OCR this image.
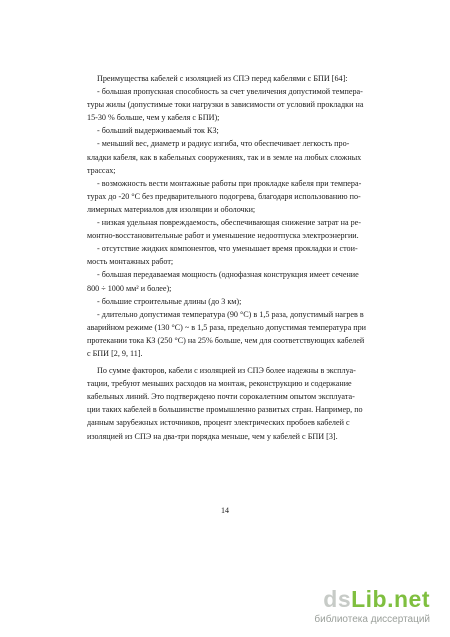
Преимущества кабелей с изоляцией из СПЭ перед кабелями с БПИ [64]:

- большая пропускная способность за счет увеличения допустимой темпера-

туры жилы (допустимые токи нагрузки в зависимости от условий прокладки на

15-30 % больше, чем у кабеля с БПИ);

- больший выдерживаемый ток КЗ;

- меньший вес, диаметр и радиус изгиба, что обеспечивает легкость про-

кладки кабеля, как в кабельных сооружениях, так и в земле на любых сложных

трассах;

- возможность вести монтажные работы при прокладке кабеля при темпера-

турах до -20 °С без предварительного подогрева, благодаря использованию по-

лимерных материалов для изоляции и оболочки;

- низкая удельная повреждаемость, обеспечивающая снижение затрат на ре-

монтно-восстановительные работ и уменьшение недоотпуска электроэнергии.

- отсутствие жидких компонентов, что уменьшает время прокладки и стои-

мость монтажных работ;

- большая передаваемая мощность (однофазная конструкция имеет сечение

800 ÷ 1000 мм² и более);

- большие строительные длины (до 3 км);

- длительно допустимая температура (90 °С) в 1,5 раза, допустимый нагрев в

аварийном режиме (130 °С) ~ в 1,5 раза, предельно допустимая температура при

протекании тока КЗ (250 °С) на 25% больше, чем для соответствующих кабелей

с БПИ [2, 9, 11].

По сумме факторов, кабели с изоляцией из СПЭ более надежны в эксплуа-

тации, требуют меньших расходов на монтаж, реконструкцию и содержание

кабельных линий. Это подтверждено почти сорокалетним опытом эксплуата-

ции таких кабелей в большинстве промышленно развитых стран. Например, по

данным зарубежных источников, процент электрических пробоев кабелей с

изоляцией из СПЭ на два-три порядка меньше, чем у кабелей с БПИ [3].

14
dsLib.net
библиотека диссертаций
